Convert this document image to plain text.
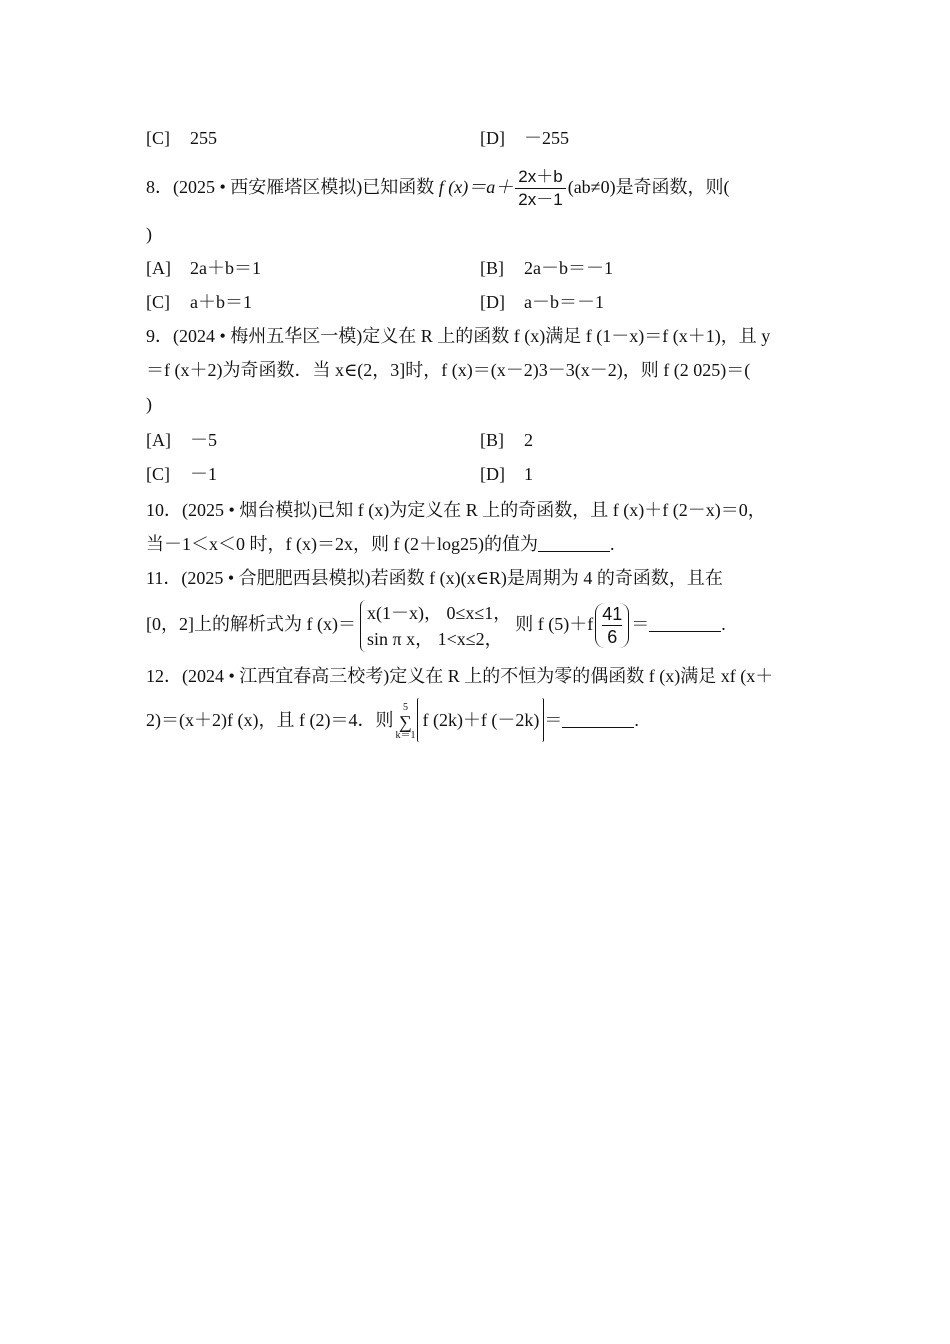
[C] 255	[D] －255
8．(2025 • 西安雁塔区模拟)已知函数 f $(x)=a+ \frac{2x+b}{2x-1} (ab\ne 0)$是奇函数，则(
)
[A] 2a＋b＝1	[B] 2a－b＝－1
[C] a＋b＝1	[D] a－b＝－1
9．(2024 • 梅州五华区一模)定义在 R 上的函数 f (x)满足 f (1－x)＝f (x＋1)，且 y
＝f (x＋2)为奇函数．当 x∈(2，3]时，f (x)＝(x－2)3－3(x－2)，则 f (2 025)＝(
)
[A] －5	[B] 2
[C] －1	[D] 1
10．(2025 • 烟台模拟)已知 f (x)为定义在 R 上的奇函数，且 f (x)＋f (2－x)＝0，
当－1＜x＜0 时，f (x)＝2x，则 f (2＋log25)的值为	.
11．(2025 • 合肥肥西县模拟)若函数 f (x)(x∈R)是周期为 4 的奇函数，且在
[0，2]上的解析式为 f (x)＝
x(1－x)， 0≤x≤1，
sin π x， 1<x≤2，
则 f $(5)+f \frac{41}{6}$ ＝	.
12．(2024 • 江西宜春高三校考)定义在 R 上的不恒为零的偶函数 f (x)满足 xf (x＋
2)＝(x＋2)f (x)，且 f (2)＝4．则
5
∑
k＝1
f (2k)＋f (－2k) ＝	.
